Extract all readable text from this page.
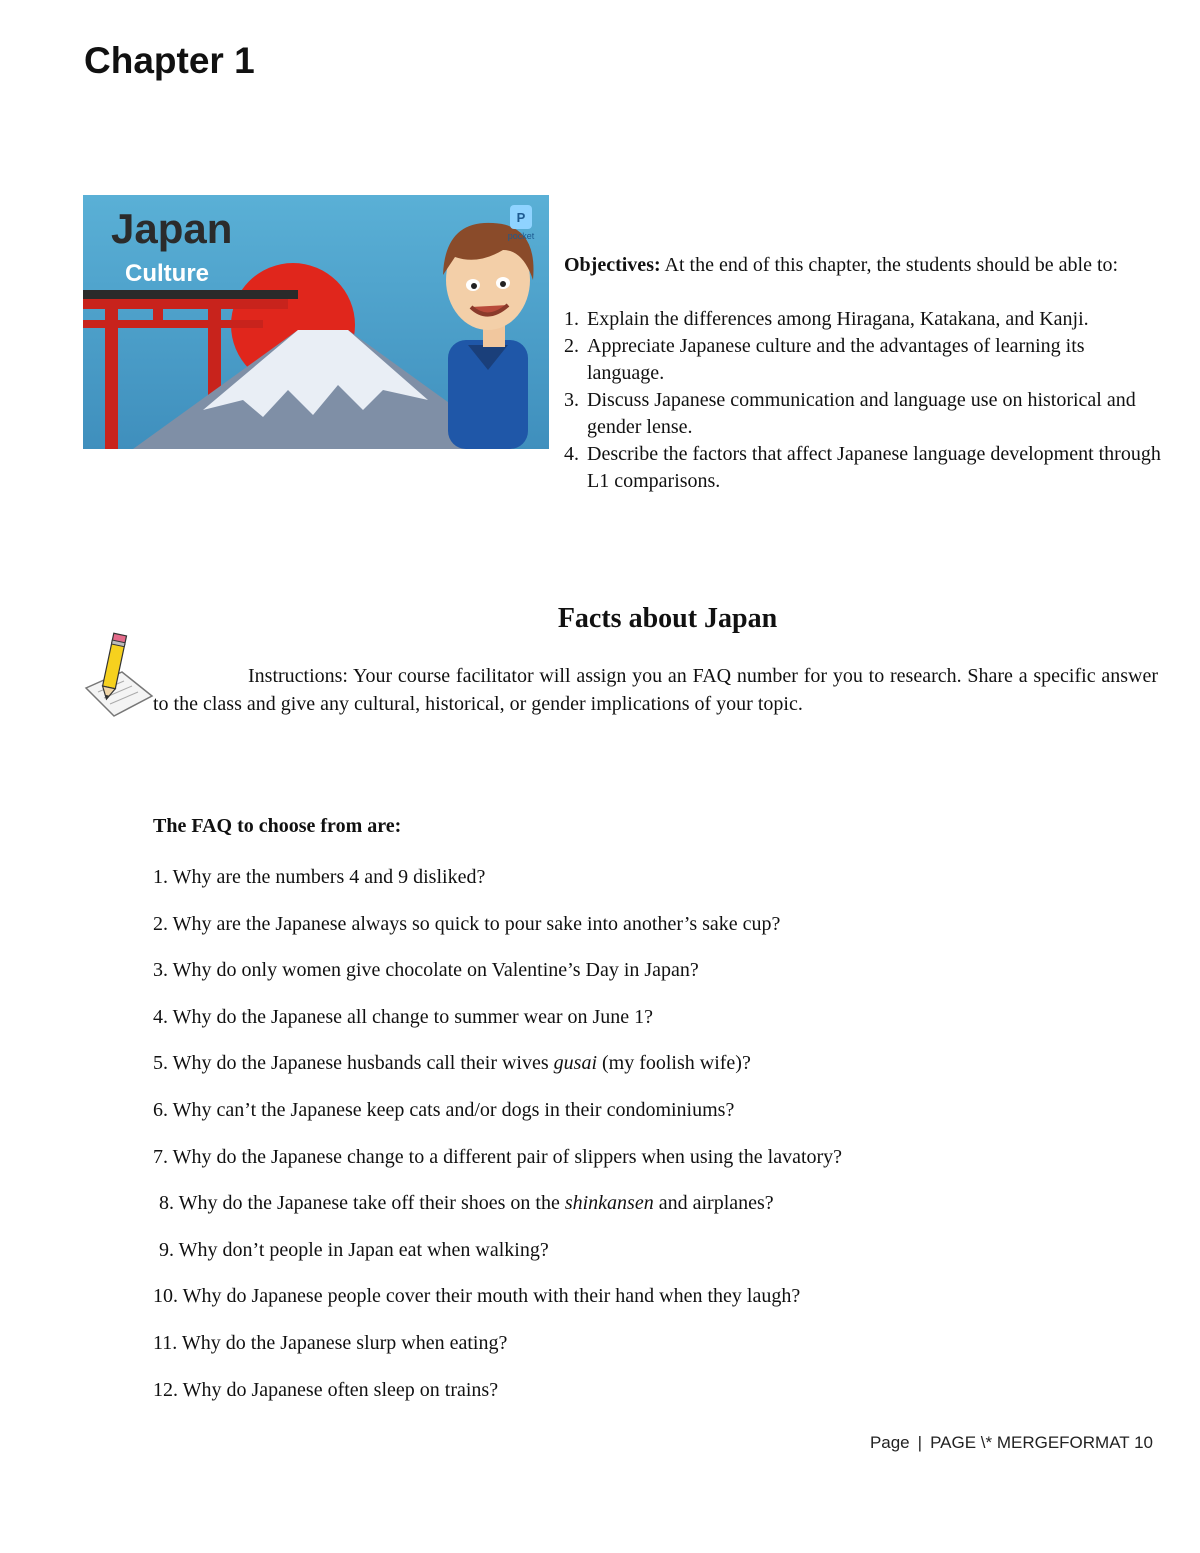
Chapter 1
P
pocket
Japan
Culture	Objectives: At the end of this chapter, the students should be able to:

1. Explain the differences among Hiragana, Katakana, and Kanji.
2. Appreciate Japanese culture and the advantages of learning its language.
3. Discuss Japanese communication and language use on historical and gender lense.
4. Describe the factors that affect Japanese language development through L1 comparisons.
Facts about Japan

Instructions: Your course facilitator will assign you an FAQ number for you to research. Share a specific answer to the class and give any cultural, historical, or gender implications of your topic.

The FAQ to choose from are:

1. Why are the numbers 4 and 9 disliked?
2. Why are the Japanese always so quick to pour sake into another’s sake cup?
3. Why do only women give chocolate on Valentine’s Day in Japan?
4. Why do the Japanese all change to summer wear on June 1?
5. Why do the Japanese husbands call their wives gusai (my foolish wife)?
6. Why can’t the Japanese keep cats and/or dogs in their condominiums?
7. Why do the Japanese change to a different pair of slippers when using the lavatory?
8. Why do the Japanese take off their shoes on the shinkansen and airplanes?
9. Why don’t people in Japan eat when walking?
10. Why do Japanese people cover their mouth with their hand when they laugh?
11. Why do the Japanese slurp when eating?
12. Why do Japanese often sleep on trains?
Page | PAGE \* MERGEFORMAT 10
